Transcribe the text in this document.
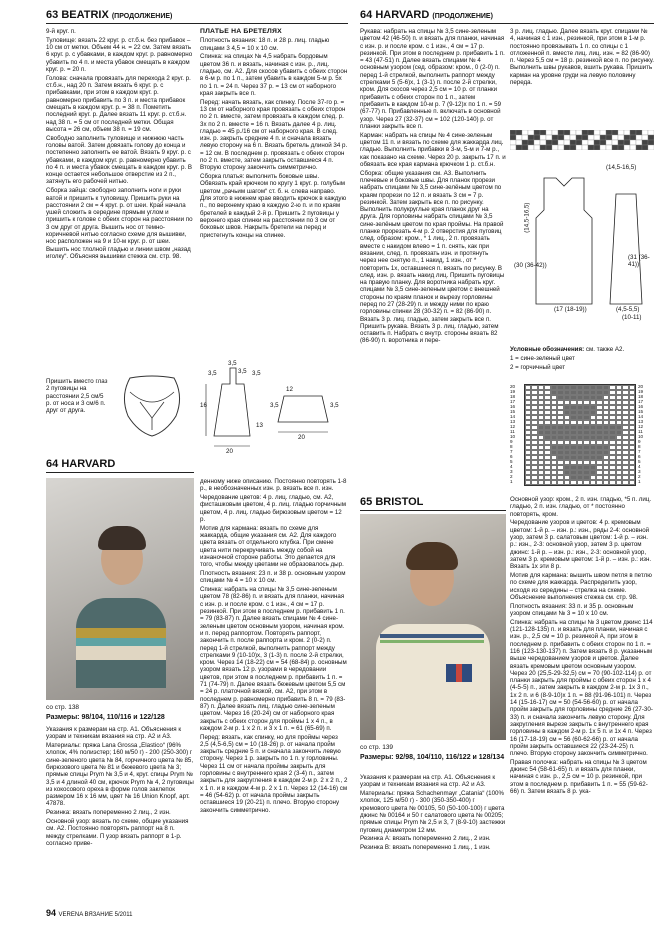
63 BEATRIX (ПРОДОЛЖЕНИЕ)	64 HARVARD (ПРОДОЛЖЕНИЕ)

9-й круг. п.

Туловище: вязать 22 круг. р. ст.б.н. без прибавок – 10 см от метки. Объем 44 н. = 22 см. Затем вязать 6 круг. р. с убавками, в каждом круг. р. равномерно убавить по 4 п. и места убавок смещать в каждом круг. р. = 20 п.

Голова: сначала провязать для перехода 2 круг. р. ст.б.н., над 20 п. Затем вязать 6 круг. р. с прибавками, при этом в каждом круг. р. равномерно прибавить по 3 п. и места прибавок смещать в каждом круг. р. = 38 п. Пометить последний круг. р. Далее вязать 11 круг. р. ст.б.н. над 38 п. = 5 см от последней метки. Общая высота = 26 см, объем 38 п. = 19 см.

Свободно заполнить туловище и нижнюю часть головы ватой. Затем довязать голову до конца и постепенно заполнить ее ватой. Вязать 9 круг. р. с убавками, в каждом круг. р. равномерно убавить по 4 п. и места убавок смещать в каждом круг. р. В конце остается небольшое отверстие из 2 п., затянуть его рабочей нитью.

Сборка зайца: свободно заполнить ноги и руки ватой и пришить к туловищу. Пришить руки на расстоянии 2 см = 4 круг. р. от шеи. Край начала ушей сложить в середине прямым углом и пришить к голове с обеих сторон на расстоянии по 3 см друг от друга. Вышить нос от темно-коричневой нитью согласно схеме для вышивки, нос расположен на 9 и 10-м круг. р. от шеи. Вышить нос тлолной гладью и линии швом „назад иголку“. Объясняя вышивки стежка см. стр. 98.

Пришить вместо глаз 2 пуговицы на расстоянии 2,5 см/5 р. от носа и 3 см/6 п. друг от друга.

64 HARVARD
со стр. 138
Размеры: 98/104, 110/116 и 122/128

Указания к размерам на стр. А1. Объяснения к узорам и техникам вязания на стр. А2 и А3.

Материалы: пряжа Lana Grossa „Elastico“ (96% хлопок, 4% полиэстер; 160 м/50 г) - 200 (250-300) г сине-зеленого цвета № 84, горчичного цвета № 85, бирюзового цвета № 81 и бежевого цвета № 3; прямые спицы Prym № 3,5 и 4, круг. спицы Prym № 3,5 и 4 длиной 40 см, крючок Prym № 4, 2 пуговицы из кокосового ореха в форме голов заклепок размером 16 х 16 мм, цвет № 16 Union Knopf, арт. 47878.

Резинка: вязать попеременно 2 лиц., 2 изн.

Основной узор: вязать по схеме, общие указания см. А2. Постоянно повторять раппорт на 8 п. между стрелками. П узор вязать раппорт в 1-р. согласно приве-

ПЛАТЬЕ НА БРЕТЕЛЯХ

Плотность вязания: 18 п. и 28 р. лиц. гладью спицами 3 4,5 = 10 х 10 см.

Спинка: на спицах № 4,5 набрать бордовым цветом 36 п. и вязать, начиная с изн. р., лиц. гладью, см. А2. Для скосов убавить с обеих сторон в 6-м р. по 1 п., затем убавить в каждом 5-м р. 5х по 1 п. = 24 п. Через 37 р. = 13 см от наборного края закрыть все п.

Перед: начать вязать, как спинку. После 37-го р. = 13 см от наборного края провязать с обеих сторон по 2 п. вместе, затем провязать в каждом след. р. 3х по 2 п. вместе = 16 п. Вязать далее 4 р. лиц. гладью = 45 р./16 см от наборного края. В след. изн. р. закрыть средние 4 п. и сначала вязать левую сторону на 6 п. Вязать бретель длиной 34 р. = 12 см. В последнем р. провязать с обеих сторон по 2 п. вместе, затем закрыть оставшиеся 4 п. Вторую сторону закончить симметрично.

Сборка платья: выполнить боковые швы. Обвязать край крючком по кругу 1 круг. р. голубым цветом „рачьим шагом“ ст. б. н. слева направо. Для этого в нижнем крае вводить крючок в каждую п., по верхнему краю в каждую 2-ю п. и по краям бретелей в каждый 2-й р. Пришить 2 пуговицы у верхнего края спинки на расстоянии по 3 см от боковых швов. Накрыть бретели на перед и пристегнуть концы на спинке.

3,5
3,5
3,5	3,5
16
20
3,5
12
3,5
20
13

денному ниже описанию. Постоянно повторять 1-8 р., в необозначенных изн. р. вязать все п. изн.

Чередование цветов: 4 р. лиц. гладью, см. А2, фисташковым цветом, 4 р. лиц. гладью горчичным цветом, 4 р. лиц. гладью бирюзовым цветом = 12 р.

Мотив для кармана: вязать по схеме для жаккарда, общие указания см. А2. Для каждого цвета вязать от отдельного клубка. При смене цвета нити перекручивать между собой на изнаночной стороне работы. Это делается для того, чтобы между цветами не образовалось дыр.

Плотность вязания: 23 п. и 38 р. основным узором спицами № 4 = 10 х 10 см.

Спинка: набрать на спицы № 3,5 сине-зеленым цветом 78 (82-86) п. и вязать для планки, начиная с изн. р. и после кром. с 1 изн., 4 см = 17 р. резинкой. При этом в последнем р. прибавить 1 п. = 79 (83-87) п. Далее вязать спицами № 4 сине-зеленым цветом основным узором, начиная кром. и п. перед раппортом. Повторять раппорт, закончить п. после раппорта и кром. 2 (0-2) п. перед 1-й стрелкой, выполнить раппорт между стрелками 9 (10-10)х, 3 (1-3) п. после 2-й стрелки, кром. Через 14 (18-22) см = 54 (68-84) р. основным узором вязать 12 р. узорами в чередовании цветов, при этом в последнем р. прибавить 1 п. = 71 (74-79) п. Далее вязать бежевым цветом 5,5 см = 24 р. платочной вязкой, см. А2, при этом в последнем р. равномерно прибавить 8 п. = 79 (83-87) п. Далее вязать лиц. гладью сине-зеленым цветом. Через 16 (20-24) см от наборного края закрыть с обеих сторон для проймы 1 х 4 п., в каждом 2-м р. 1 х 2 п. и 3 х 1 п. = 61 (65-69) п.

Перед: вязать, как спинку, но для проймы через 2,5 (4,5-6,5) см = 10 (18-26) р. от начала пройм закрыть средние 5 п. и сначала закончить левую сторону. Через 1 р. закрыть по 1 п. у горловины. Через 11 см от начала проймы закрыть для горловины с внутреннего края 2 (3-4) п., затем закрыть для закругления в каждом 2-м р. 2 х 2 п., 2 х 1 п. и в каждом 4-м р. 2 х 1 п. Через 12 (14-16) см = 46 (54-62) р. от начала проймы закрыть оставшиеся 19 (20-21) п. плечо. Вторую сторону закончить симметрично.

Рукава: набрать на спицы № 3,5 сине-зеленым цветом 42 (46-50) п. и вязать для планки, начиная с изн. р. и после кром. с 1 изн., 4 см = 17 р. резинкой. При этом в последнем р. прибавить 1 п. = 43 (47-51) п. Далее вязать спицами № 4 основным узором (сед. образом: кром., 0 (2-0) п. перед 1-й стрелкой, выполнить раппорт между стрелками 5 (5-6)х, 1 (3-1) п. после 2-й стрелки, кром. Для скосов через 2,5 см = 10 р. от планки прибавить с обеих сторон по 1 п., затем прибавить в каждом 10-м р. 7 (9-12)х по 1 п. = 59 (67-77) п. Прибавленные п. включать в основной узор. Через 27 (32-37) см = 102 (120-140) р. от планки закрыть все п.

Карман: набрать на спицы № 4 сине-зеленым цветом 11 п. и вязать по схеме для жаккарда лиц. гладью. Выполнить прибавки в 3-м, 5-м и 7-м р., как показано на схеме. Через 20 р. закрыть 17 п. и обвязать все края кармана крючком 1 р. ст.б.н.

Сборка: общие указания см. А3. Выполнить плечевые и боковые швы. Для планок прорези набрать спицами № 3,5 сине-зелёным цветом по краям прорези по 12 п. и вязать 3 см = 7 р. резинкой. Затем закрыть все п. по рисунку. Выполнить полукруглые края планок друг на друга. Для горловины набрать спицами № 3,5 сине-зелёным цветом по края проймы. На правой планке прорезать 4-м р. 2 отверстия для пуговиц след. образом: кром., * 1 лиц., 2 п. провязать вместе с накидом влево = 1 п. снять, как при вязании, след. п. провязать изн. и протянуть через нее снятую п., 1 накид, 1 изн., от * повторить 1х, оставшиеся п. вязать по рисунку. В след. изн. р. вязать накид лиц. Пришить пуговицы на правую планку. Для воротника набрать круг. спицами № 3,5 сине-зеленым цветом с внешней стороны по краям планок и вырезу горловины перед по 27 (28-29) п. и между ними по краю горловины спинки 28 (30-32) п. = 82 (86-90) п. Вязать 3 р. лиц. гладью, затем закрыть все п. Пришить рукава. Вязать 3 р. лиц. гладью, затем оставить п. Набрать с внутр. стороны вязать 82 (86-90) п. воротника и пере-

3 р. лиц. гладью. Далее вязать круг. спицами № 4, начиная с 1 изн., резинкой, при этом в 1-м р. постоянно провязывать 1 п. со спицы с 1 отложенной п. вместе лиц. лиц. изн. = 82 (86-90) п. Через 5,5 см = 18 р. резинкой все п. по рисунку. Выполнить швы рукавов, вшить рукава. Пришить карман на уровне груди на левую половину переда.

(14,5-16,5)
(14,5-16,5)
(17 (18-19))	(4,5-5,5)
(10-11)
(30 (36-42))
(31 (36-41))

Условные обозначения: см. также А2.

1 = сине-зеленый цвет

2 = горчичный цвет

20
19
18
17
16
15
14
13
12
11
10
9
8
7
6
5
4
3
2
1
20
19
18
17
16
15
14
13
12
11
10
9
8
7
6
5
4
3
2
1
65 BRISTOL
со стр. 139
Размеры: 92/98, 104/110, 116/122 и 128/134

Указания к размерам на стр. А1. Объяснения к узорам и техникам вязания на стр. А2 и А3.

Материалы: пряжа Schachenmayr „Catania“ (100% хлопок, 125 м/50 г) - 300 (350-350-400) г кремового цвета № 00105, 50 (50-100-100) г цвета джинс № 00164 и 50 г салатового цвета № 00205; прямые спицы Prym № 2,5 и 3, 7 (8-9-10) застежки пуговиц диаметром 12 мм.

Резинка А: вязать попеременно 2 лиц., 2 изн.

Резинка В: вязать попеременно 1 лиц., 1 изн.

Основной узор: кром., 2 п. изн. гладью, *5 п. лиц. гладью, 2 п. изн. гладью, от * постоянно повторять, кром.

Чередование узоров и цветов: 4 р. кремовым цветом: 1-й р. – изн. р.: изн., ряды 2-4: основной узор, затем 3 р. салатовым цветом: 1-й р. – изн. р.: изн., 2-3: основной узор, затем 3 р. цветом джинс: 1-й р. – изн. р.: изн., 2-3: основной узор, затем 3 р. кремовым цветом: 1-й р. – изн. р.: изн. Вязать 1х эти 8 р.

Мотив для кармана: вышить швом петля в петлю по схеме для жаккарда. Распределить узор, исходя из середины – стрелка на схеме. Объяснение выполнения стежка см. стр. 98.

Плотность вязания: 33 п. и 35 р. основным узором спицами № 3 = 10 х 10 см.

Спинка: набрать на спицы № 3 цветом джинс 114 (121-128-135) п. и вязать для планки, начиная с изн. р., 2,5 см = 10 р. резинкой А, при этом в последнем р. прибавить с обеих сторон по 1 п. = 116 (123-130-137) п. Затем вязать 8 р. указанным выше чередованием узоров и цветов. Далее вязать кремовым цветом основным узором. Через 20 (25,5-29-32,5) см = 70 (90-102-114) р. от планки закрыть для проймы с обеих сторон 1 х 4 (4-5-5) п., затем закрыть в каждом 2-м р. 1х 3 п., 1х 2 п. и 6 (8-9-10)х 1 п. = 88 (91-96-101) п. Через 14 (15-16-17) см = 50 (54-56-60) р. от начала пройм закрыть для горловины средние 26 (27-30-33) п. и сначала закончить левую сторону. Для закругления вырезе закрыть с внутреннего края горловины в каждом 2-м р. 1х 5 п. и 1х 4 п. Через 16 (17-18-19) см = 56 (60-62-66) р. от начала пройм закрыть оставшиеся 22 (23-24-25) п. плечо. Вторую сторону закончить симметрично.

Правая полочка: набрать на спицы № 3 цветом джинс 54 (58-61-65) п. и вязать для планки, начиная с изн. р., 2,5 см = 10 р. резинкой, при этом в последнем р. прибавить 1 п. = 55 (59-62-66) п. Затем вязать 8 р. ука-

94 VERENA ВЯЗАНИЕ 5/2011
